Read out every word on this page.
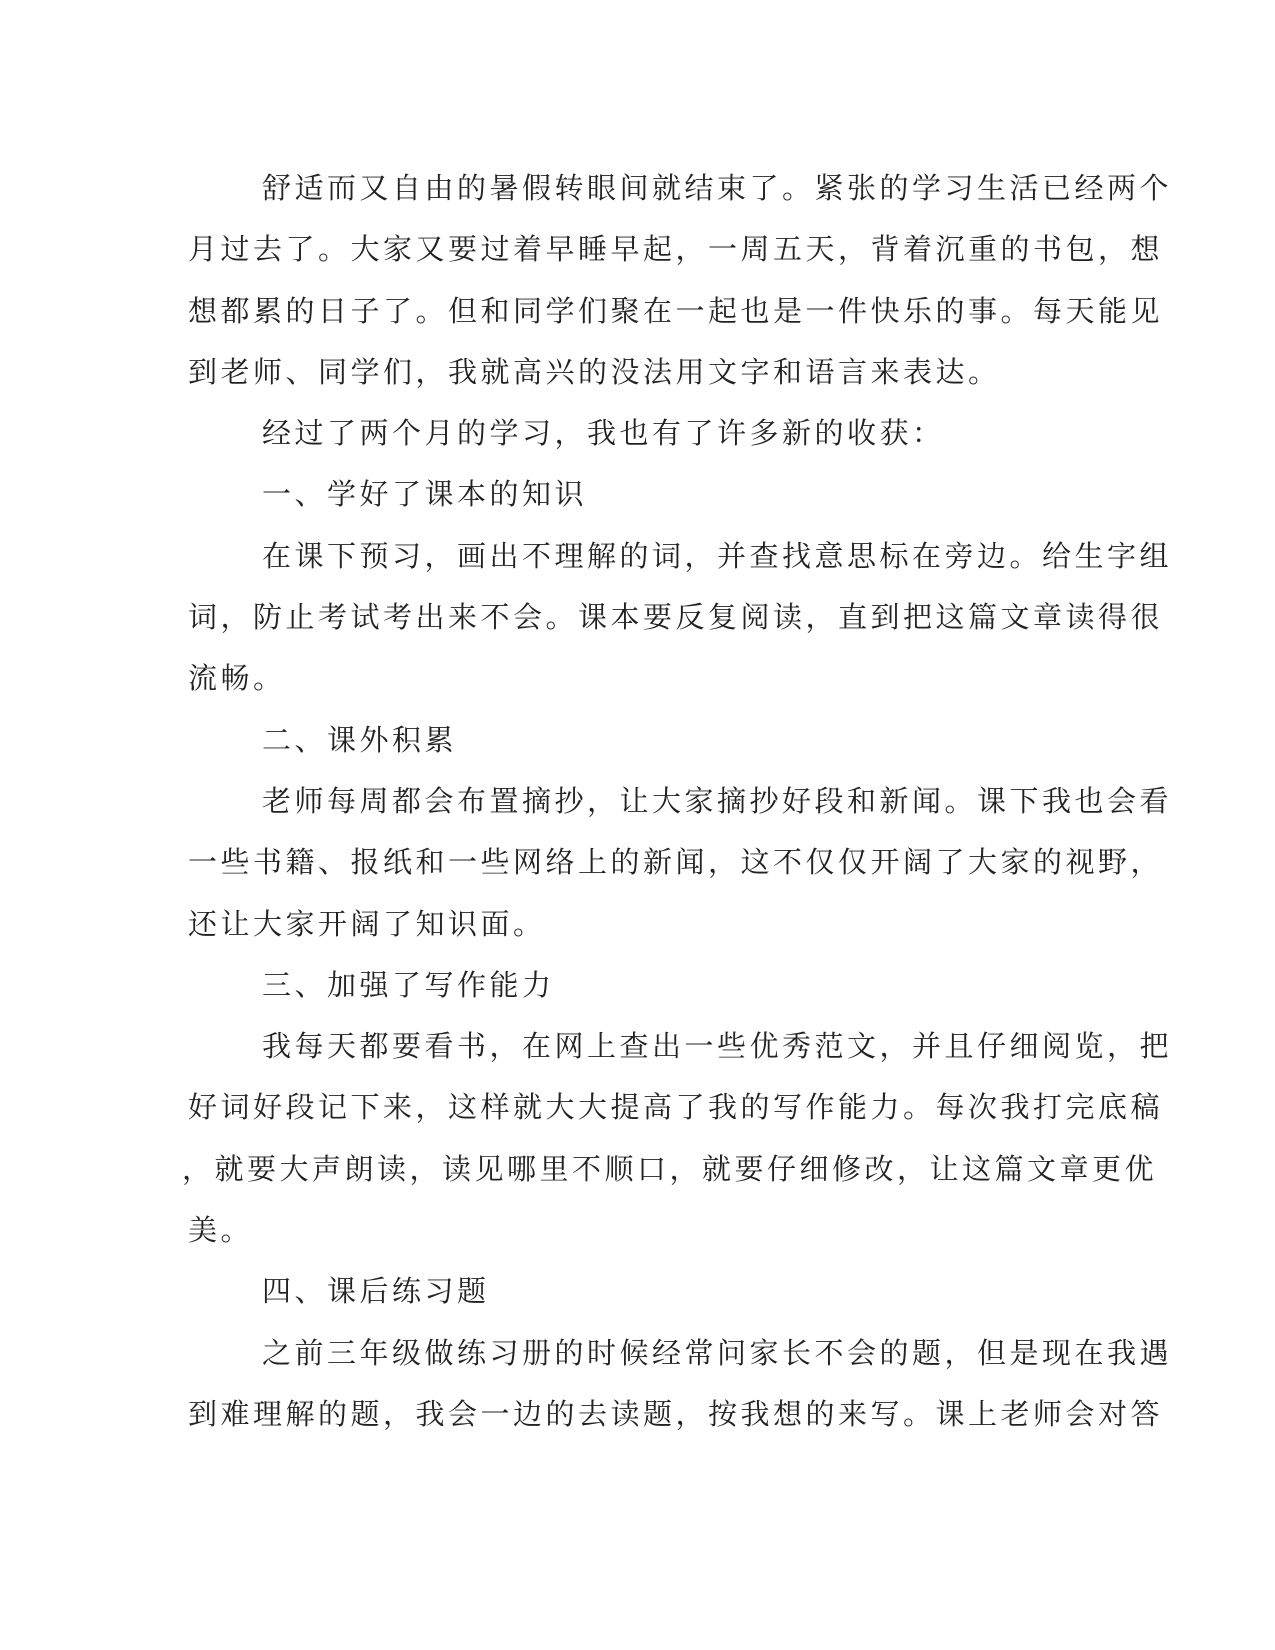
舒适而又自由的暑假转眼间就结束了。紧张的学习生活已经两个
月过去了。大家又要过着早睡早起，一周五天，背着沉重的书包，想
想都累的日子了。但和同学们聚在一起也是一件快乐的事。每天能见
到老师、同学们，我就高兴的没法用文字和语言来表达。
经过了两个月的学习，我也有了许多新的收获：
一、学好了课本的知识
在课下预习，画出不理解的词，并查找意思标在旁边。给生字组
词，防止考试考出来不会。课本要反复阅读，直到把这篇文章读得很
流畅。
二、课外积累
老师每周都会布置摘抄，让大家摘抄好段和新闻。课下我也会看
一些书籍、报纸和一些网络上的新闻，这不仅仅开阔了大家的视野，
还让大家开阔了知识面。
三、加强了写作能力
我每天都要看书，在网上查出一些优秀范文，并且仔细阅览，把
好词好段记下来，这样就大大提高了我的写作能力。每次我打完底稿
，就要大声朗读，读见哪里不顺口，就要仔细修改，让这篇文章更优
美。
四、课后练习题
之前三年级做练习册的时候经常问家长不会的题，但是现在我遇
到难理解的题，我会一边的去读题，按我想的来写。课上老师会对答
